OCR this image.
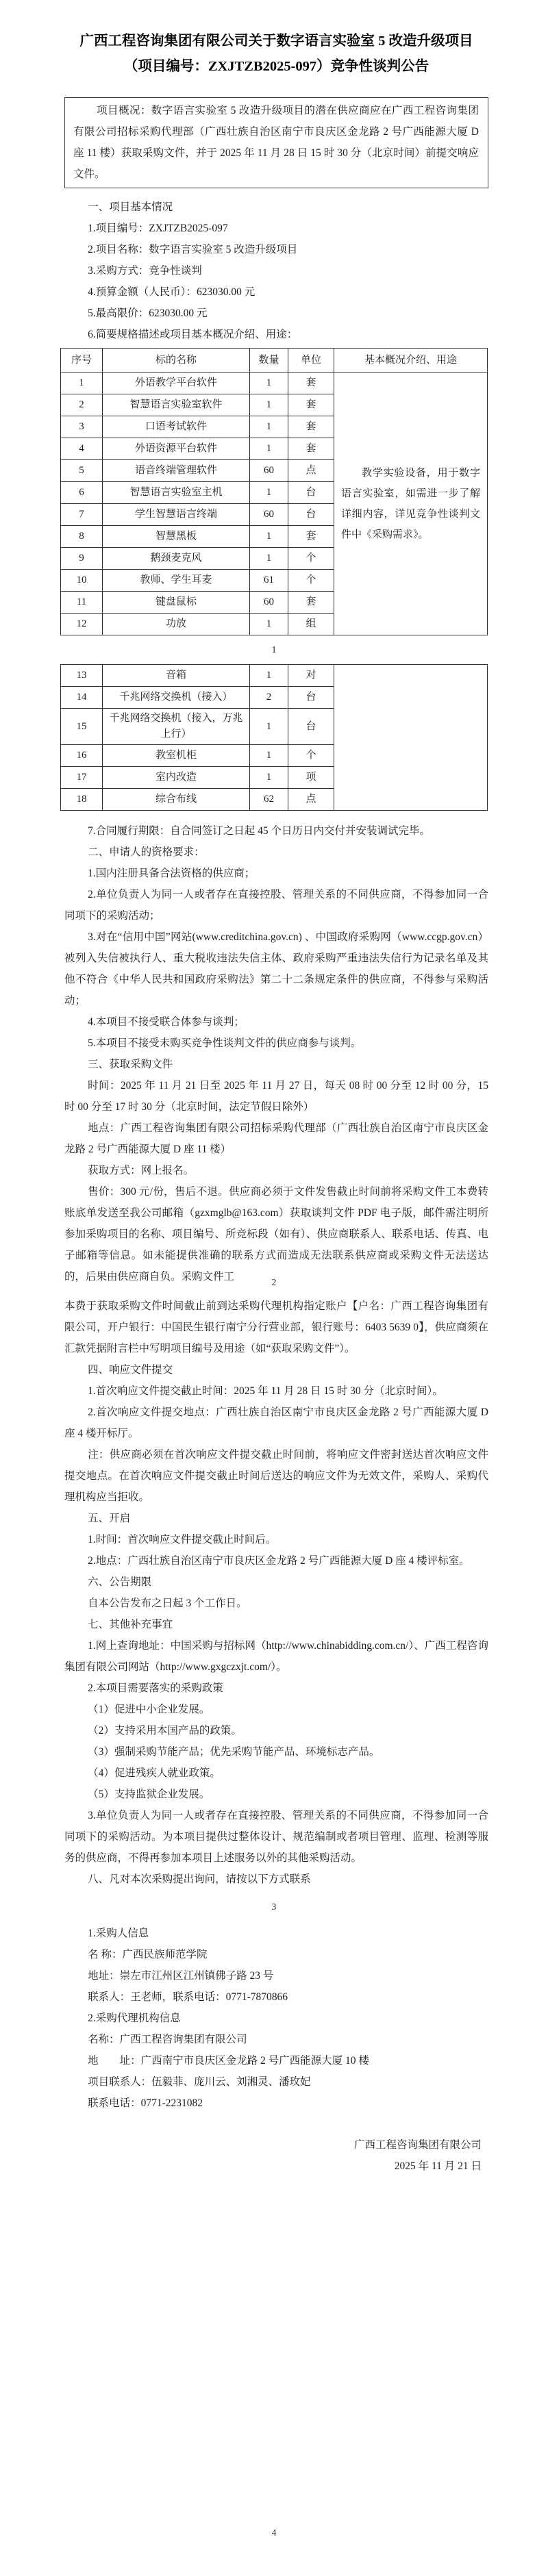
广西工程咨询集团有限公司关于数字语言实验室 5 改造升级项目
（项目编号：ZXJTZB2025-097）竞争性谈判公告

项目概况：数字语言实验室 5 改造升级项目的潜在供应商应在广西工程咨询集团有限公司招标采购代理部（广西壮族自治区南宁市良庆区金龙路 2 号广西能源大厦 D 座 11 楼）获取采购文件，并于 2025 年 11 月 28 日 15 时 30 分（北京时间）前提交响应文件。

一、项目基本情况

1.项目编号：ZXJTZB2025-097

2.项目名称：数字语言实验室 5 改造升级项目

3.采购方式：竞争性谈判

4.预算金额（人民币）：623030.00 元

5.最高限价：623030.00 元

6.简要规格描述或项目基本概况介绍、用途：

序号	标的名称	数量	单位	基本概况介绍、用途
1	外语教学平台软件	1	套	教学实验设备，用于数字语言实验室，如需进一步了解详细内容，详见竞争性谈判文件中《采购需求》。

2	智慧语言实验室软件	1	套	
3	口语考试软件	1	套	
4	外语资源平台软件	1	套	
5	语音终端管理软件	60	点	
6	智慧语言实验室主机	1	台	
7	学生智慧语言终端	60	台	
8	智慧黑板	1	套	
9	鹅颈麦克风	1	个	
10	教师、学生耳麦	61	个	
11	键盘鼠标	60	套	
12	功放	1	组	
1
13	音箱	1	对	
14	千兆网络交换机（接入）	2	台	
15	千兆网络交换机（接入，万兆上行）	1	台	
16	教室机柜	1	个	
17	室内改造	1	项	
18	综合布线	62	点	

7.合同履行期限：自合同签订之日起 45 个日历日内交付并安装调试完毕。

二、申请人的资格要求：

1.国内注册具备合法资格的供应商；

2.单位负责人为同一人或者存在直接控股、管理关系的不同供应商，不得参加同一合同项下的采购活动；

3.对在“信用中国”网站(www.creditchina.gov.cn) 、中国政府采购网（www.ccgp.gov.cn）被列入失信被执行人、重大税收违法失信主体、政府采购严重违法失信行为记录名单及其他不符合《中华人民共和国政府采购法》第二十二条规定条件的供应商，不得参与采购活动；

4.本项目不接受联合体参与谈判；

5.本项目不接受未购买竞争性谈判文件的供应商参与谈判。

三、获取采购文件

时间：2025 年 11 月 21 日至 2025 年 11 月 27 日，每天 08 时 00 分至 12 时 00 分，15 时 00 分至 17 时 30 分（北京时间，法定节假日除外）

地点：广西工程咨询集团有限公司招标采购代理部（广西壮族自治区南宁市良庆区金龙路 2 号广西能源大厦 D 座 11 楼）

获取方式：网上报名。

售价：300 元/份，售后不退。供应商必须于文件发售截止时间前将采购文件工本费转账底单发送至我公司邮箱（gzxmglb@163.com）获取谈判文件 PDF 电子版，邮件需注明所参加采购项目的名称、项目编号、所竞标段（如有）、供应商联系人、联系电话、传真、电子邮箱等信息。如未能提供准确的联系方式而造成无法联系供应商或采购文件无法送达的，后果由供应商自负。采购文件工	2

本费于获取采购文件时间截止前到达采购代理机构指定账户【户名：广西工程咨询集团有限公司，开户银行：中国民生银行南宁分行营业部，银行账号：6403 5639 0】，供应商须在汇款凭据附言栏中写明项目编号及用途（如“获取采购文件”）。

四、响应文件提交

1.首次响应文件提交截止时间：2025 年 11 月 28 日 15 时 30 分（北京时间）。

2.首次响应文件提交地点：广西壮族自治区南宁市良庆区金龙路 2 号广西能源大厦 D 座 4 楼开标厅。

注：供应商必须在首次响应文件提交截止时间前，将响应文件密封送达首次响应文件提交地点。在首次响应文件提交截止时间后送达的响应文件为无效文件，采购人、采购代理机构应当拒收。

五、开启

1.时间：首次响应文件提交截止时间后。

2.地点：广西壮族自治区南宁市良庆区金龙路 2 号广西能源大厦 D 座 4 楼评标室。

六、公告期限

自本公告发布之日起 3 个工作日。

七、其他补充事宜

1.网上查询地址：中国采购与招标网（http://www.chinabidding.com.cn/）、广西工程咨询集团有限公司网站（http://www.gxgczxjt.com/）。

2.本项目需要落实的采购政策

（1）促进中小企业发展。

（2）支持采用本国产品的政策。

（3）强制采购节能产品；优先采购节能产品、环境标志产品。

（4）促进残疾人就业政策。

（5）支持监狱企业发展。

3.单位负责人为同一人或者存在直接控股、管理关系的不同供应商，不得参加同一合同项下的采购活动。为本项目提供过整体设计、规范编制或者项目管理、监理、检测等服务的供应商，不得再参加本项目上述服务以外的其他采购活动。

八、凡对本次采购提出询问，请按以下方式联系

3

1.采购人信息

名 称：广西民族师范学院

地址：崇左市江州区江州镇佛子路 23 号

联系人：王老师，联系电话：0771-7870866

2.采购代理机构信息

名称：广西工程咨询集团有限公司

地　　址：广西南宁市良庆区金龙路 2 号广西能源大厦 10 楼

项目联系人：伍毅菲、庞川云、刘湘灵、潘玫妃

联系电话：0771-2231082

广西工程咨询集团有限公司

2025 年 11 月 21 日

4
